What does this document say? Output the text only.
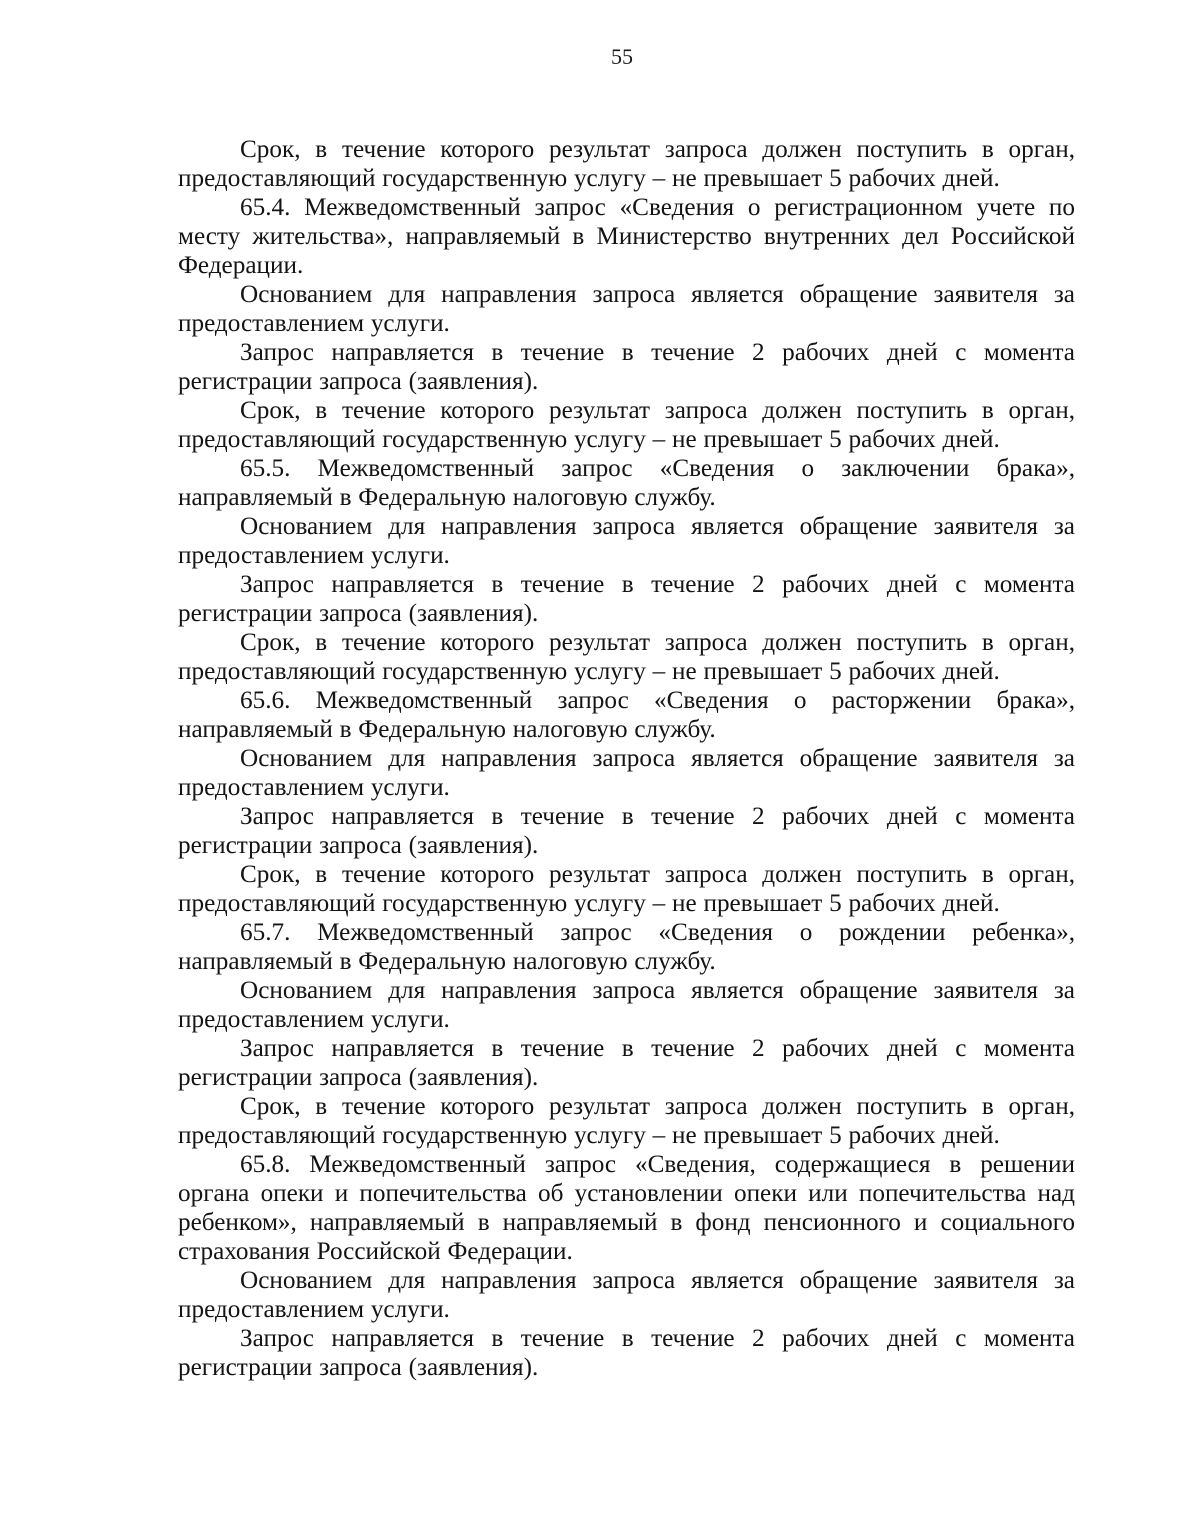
55

Срок, в течение которого результат запроса должен поступить в орган, предоставляющий государственную услугу – не превышает 5 рабочих дней.

65.4. Межведомственный запрос «Сведения о регистрационном учете по месту жительства», направляемый в Министерство внутренних дел Российской Федерации.

Основанием для направления запроса является обращение заявителя за предоставлением услуги.

Запрос направляется в течение в течение 2 рабочих дней с момента регистрации запроса (заявления).

Срок, в течение которого результат запроса должен поступить в орган, предоставляющий государственную услугу – не превышает 5 рабочих дней.

65.5. Межведомственный запрос «Сведения о заключении брака», направляемый в Федеральную налоговую службу.

Основанием для направления запроса является обращение заявителя за предоставлением услуги.

Запрос направляется в течение в течение 2 рабочих дней с момента регистрации запроса (заявления).

Срок, в течение которого результат запроса должен поступить в орган, предоставляющий государственную услугу – не превышает 5 рабочих дней.

65.6. Межведомственный запрос «Сведения о расторжении брака», направляемый в Федеральную налоговую службу.

Основанием для направления запроса является обращение заявителя за предоставлением услуги.

Запрос направляется в течение в течение 2 рабочих дней с момента регистрации запроса (заявления).

Срок, в течение которого результат запроса должен поступить в орган, предоставляющий государственную услугу – не превышает 5 рабочих дней.

65.7. Межведомственный запрос «Сведения о рождении ребенка», направляемый в Федеральную налоговую службу.

Основанием для направления запроса является обращение заявителя за предоставлением услуги.

Запрос направляется в течение в течение 2 рабочих дней с момента регистрации запроса (заявления).

Срок, в течение которого результат запроса должен поступить в орган, предоставляющий государственную услугу – не превышает 5 рабочих дней.

65.8. Межведомственный запрос «Сведения, содержащиеся в решении органа опеки и попечительства об установлении опеки или попечительства над ребенком», направляемый в направляемый в фонд пенсионного и социального страхования Российской Федерации.

Основанием для направления запроса является обращение заявителя за предоставлением услуги.

Запрос направляется в течение в течение 2 рабочих дней с момента регистрации запроса (заявления).
